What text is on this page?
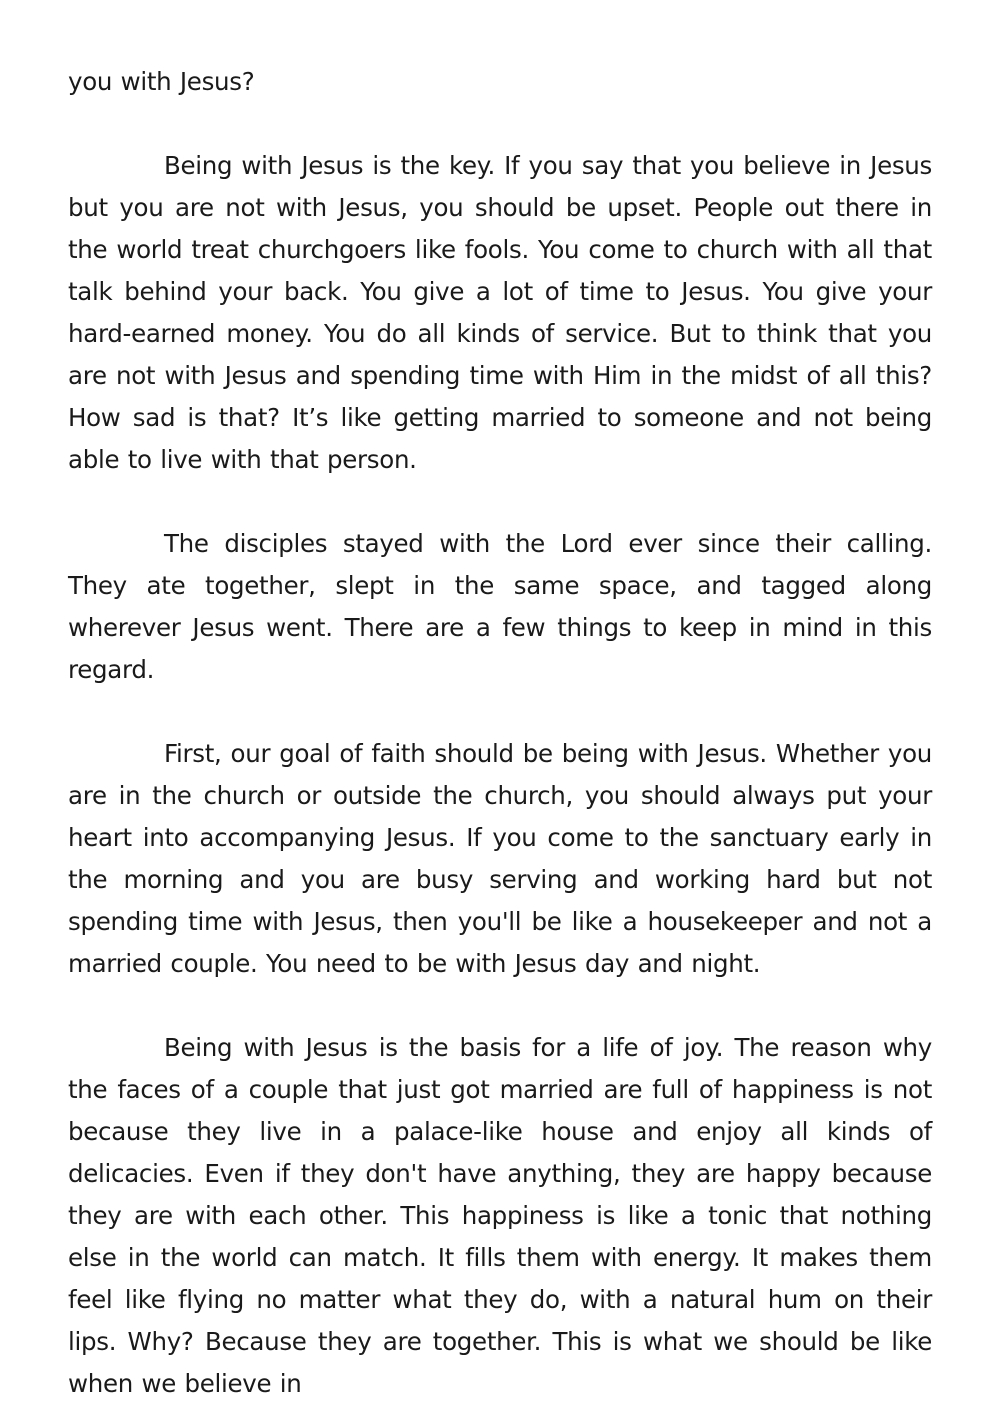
you with Jesus?

Being with Jesus is the key. If you say that you believe in Jesus but you are not with Jesus, you should be upset. People out there in the world treat churchgoers like fools. You come to church with all that talk behind your back. You give a lot of time to Jesus. You give your hard-earned money. You do all kinds of service. But to think that you are not with Jesus and spending time with Him in the midst of all this? How sad is that? It’s like getting married to someone and not being able to live with that person.

The disciples stayed with the Lord ever since their calling. They ate together, slept in the same space, and tagged along wherever Jesus went. There are a few things to keep in mind in this regard.

First, our goal of faith should be being with Jesus. Whether you are in the church or outside the church, you should always put your heart into accompanying Jesus. If you come to the sanctuary early in the morning and you are busy serving and working hard but not spending time with Jesus, then you'll be like a housekeeper and not a married couple. You need to be with Jesus day and night.

Being with Jesus is the basis for a life of joy. The reason why the faces of a couple that just got married are full of happiness is not because they live in a palace-like house and enjoy all kinds of delicacies. Even if they don't have anything, they are happy because they are with each other. This happiness is like a tonic that nothing else in the world can match. It fills them with energy. It makes them feel like flying no matter what they do, with a natural hum on their lips. Why? Because they are together. This is what we should be like when we believe in
